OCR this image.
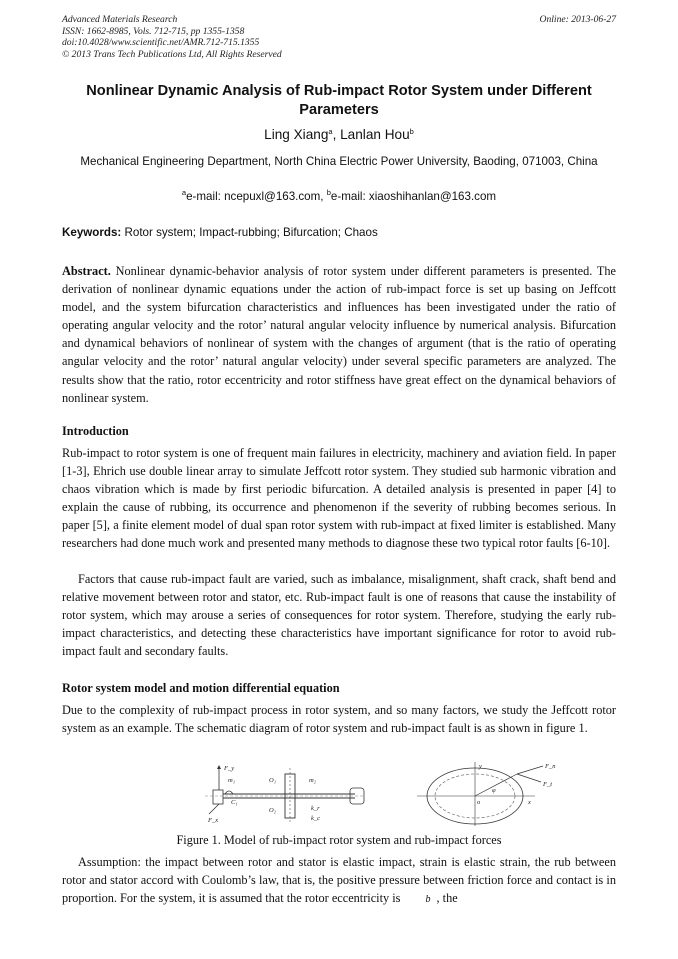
Advanced Materials Research
ISSN: 1662-8985, Vols. 712-715, pp 1355-1358
doi:10.4028/www.scientific.net/AMR.712-715.1355
© 2013 Trans Tech Publications Ltd, All Rights Reserved
Online: 2013-06-27
Nonlinear Dynamic Analysis of Rub-impact Rotor System under Different Parameters
Ling Xiang$^a$, Lanlan Hou$^b$
Mechanical Engineering Department, North China Electric Power University, Baoding, 071003, China
$^a$e-mail: ncepuxl@163.com, $^b$e-mail: xiaoshihanlan@163.com
Keywords: Rotor system; Impact-rubbing; Bifurcation; Chaos
Abstract. Nonlinear dynamic-behavior analysis of rotor system under different parameters is presented. The derivation of nonlinear dynamic equations under the action of rub-impact force is set up basing on Jeffcott model, and the system bifurcation characteristics and influences has been investigated under the ratio of operating angular velocity and the rotor’ natural angular velocity influence by numerical analysis. Bifurcation and dynamical behaviors of nonlinear of system with the changes of argument (that is the ratio of operating angular velocity and the rotor’ natural angular velocity) under several specific parameters are analyzed. The results show that the ratio, rotor eccentricity and rotor stiffness have great effect on the dynamical behaviors of nonlinear system.
Introduction
Rub-impact to rotor system is one of frequent main failures in electricity, machinery and aviation field. In paper [1-3], Ehrich use double linear array to simulate Jeffcott rotor system. They studied sub harmonic vibration and chaos vibration which is made by first periodic bifurcation. A detailed analysis is presented in paper [4] to explain the cause of rubbing, its occurrence and phenomenon if the severity of rubbing becomes serious. In paper [5], a finite element model of dual span rotor system with rub-impact at fixed limiter is established. Many researchers had done much work and presented many methods to diagnose these two typical rotor faults [6-10].
Factors that cause rub-impact fault are varied, such as imbalance, misalignment, shaft crack, shaft bend and relative movement between rotor and stator, etc. Rub-impact fault is one of reasons that cause the instability of rotor system, which may arouse a series of consequences for rotor system. Therefore, studying the early rub-impact characteristics, and detecting these characteristics have important significance for rotor to avoid rub-impact fault and secondary faults.
Rotor system model and motion differential equation
Due to the complexity of rub-impact process in rotor system, and so many factors, we study the Jeffcott rotor system as an example. The schematic diagram of rotor system and rub-impact fault is as shown in figure 1.
F_y
F_x
m₁
C₁
O₁
O₂
m₂
k_r
k_c
F_n
F_t
y
x
o
φ
Figure 1. Model of rub-impact rotor system and rub-impact forces
Assumption: the impact between rotor and stator is elastic impact, strain is elastic strain, the rub between rotor and stator accord with Coulomb’s law, that is, the positive pressure between friction force and contact is in proportion. For the system, it is assumed that the rotor eccentricity is	b , the
